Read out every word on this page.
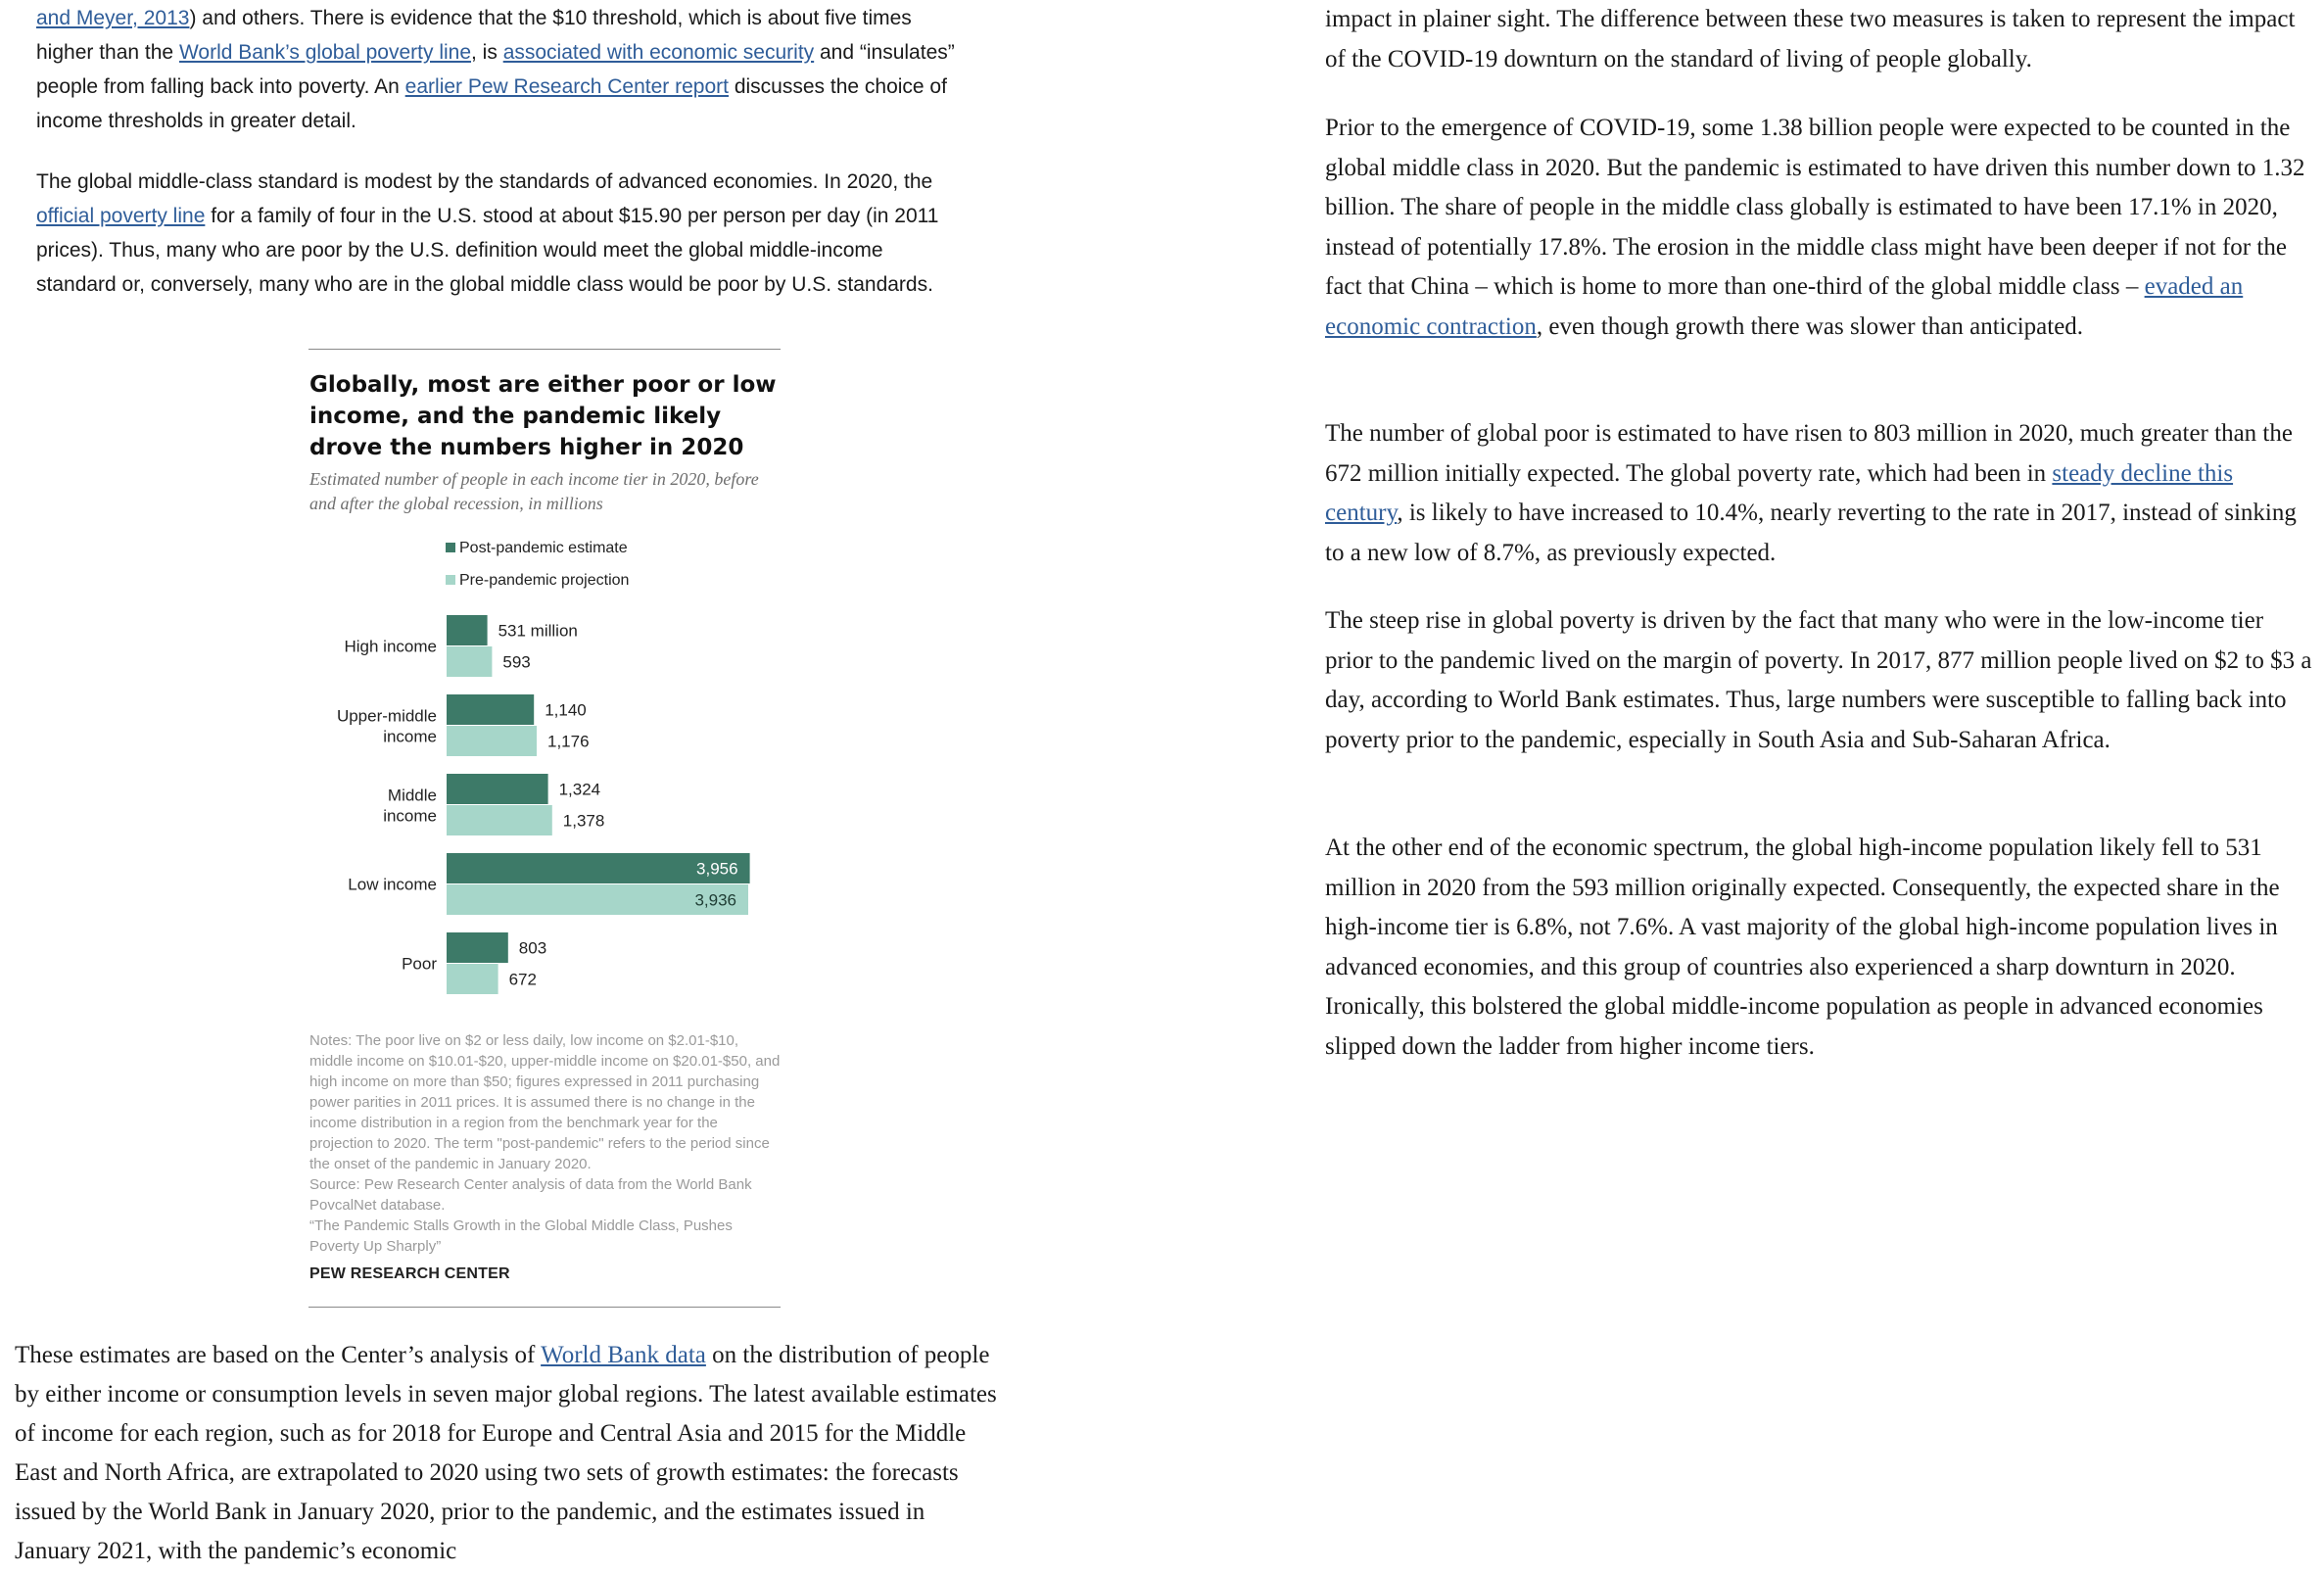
and Meyer, 2013) and others. There is evidence that the $10 threshold, which is about five times higher than the World Bank’s global poverty line, is associated with economic security and “insulates” people from falling back into poverty. An earlier Pew Research Center report discusses the choice of income thresholds in greater detail.

The global middle-class standard is modest by the standards of advanced economies. In 2020, the official poverty line for a family of four in the U.S. stood at about $15.90 per person per day (in 2011 prices). Thus, many who are poor by the U.S. definition would meet the global middle-income standard or, conversely, many who are in the global middle class would be poor by U.S. standards.

Globally, most are either poor or low income, and the pandemic likely drove the numbers higher in 2020

Estimated number of people in each income tier in 2020, before and after the global recession, in millions

Post-pandemic estimate
Pre-pandemic projection
High income
531 million
593
Upper-middle income
1,140
1,176
Middle income
1,324
1,378
Low income
3,956
3,936
Poor
803
672

Notes: The poor live on $2 or less daily, low income on $2.01-$10, middle income on $10.01-$20, upper-middle income on $20.01-$50, and high income on more than $50; figures expressed in 2011 purchasing power parities in 2011 prices. It is assumed there is no change in the income distribution in a region from the benchmark year for the projection to 2020. The term "post-pandemic" refers to the period since the onset of the pandemic in January 2020.
Source: Pew Research Center analysis of data from the World Bank PovcalNet database.
“The Pandemic Stalls Growth in the Global Middle Class, Pushes Poverty Up Sharply”

PEW RESEARCH CENTER

These estimates are based on the Center’s analysis of World Bank data on the distribution of people by either income or consumption levels in seven major global regions. The latest available estimates of income for each region, such as for 2018 for Europe and Central Asia and 2015 for the Middle East and North Africa, are extrapolated to 2020 using two sets of growth estimates: the forecasts issued by the World Bank in January 2020, prior to the pandemic, and the estimates issued in January 2021, with the pandemic’s economic

impact in plainer sight. The difference between these two measures is taken to represent the impact of the COVID-19 downturn on the standard of living of people globally.

Prior to the emergence of COVID-19, some 1.38 billion people were expected to be counted in the global middle class in 2020. But the pandemic is estimated to have driven this number down to 1.32 billion. The share of people in the middle class globally is estimated to have been 17.1% in 2020, instead of potentially 17.8%. The erosion in the middle class might have been deeper if not for the fact that China – which is home to more than one-third of the global middle class – evaded an economic contraction, even though growth there was slower than anticipated.

The number of global poor is estimated to have risen to 803 million in 2020, much greater than the 672 million initially expected. The global poverty rate, which had been in steady decline this century, is likely to have increased to 10.4%, nearly reverting to the rate in 2017, instead of sinking to a new low of 8.7%, as previously expected.

The steep rise in global poverty is driven by the fact that many who were in the low-income tier prior to the pandemic lived on the margin of poverty. In 2017, 877 million people lived on $2 to $3 a day, according to World Bank estimates. Thus, large numbers were susceptible to falling back into poverty prior to the pandemic, especially in South Asia and Sub-Saharan Africa.

At the other end of the economic spectrum, the global high-income population likely fell to 531 million in 2020 from the 593 million originally expected. Consequently, the expected share in the high-income tier is 6.8%, not 7.6%. A vast majority of the global high-income population lives in advanced economies, and this group of countries also experienced a sharp downturn in 2020. Ironically, this bolstered the global middle-income population as people in advanced economies slipped down the ladder from higher income tiers.
